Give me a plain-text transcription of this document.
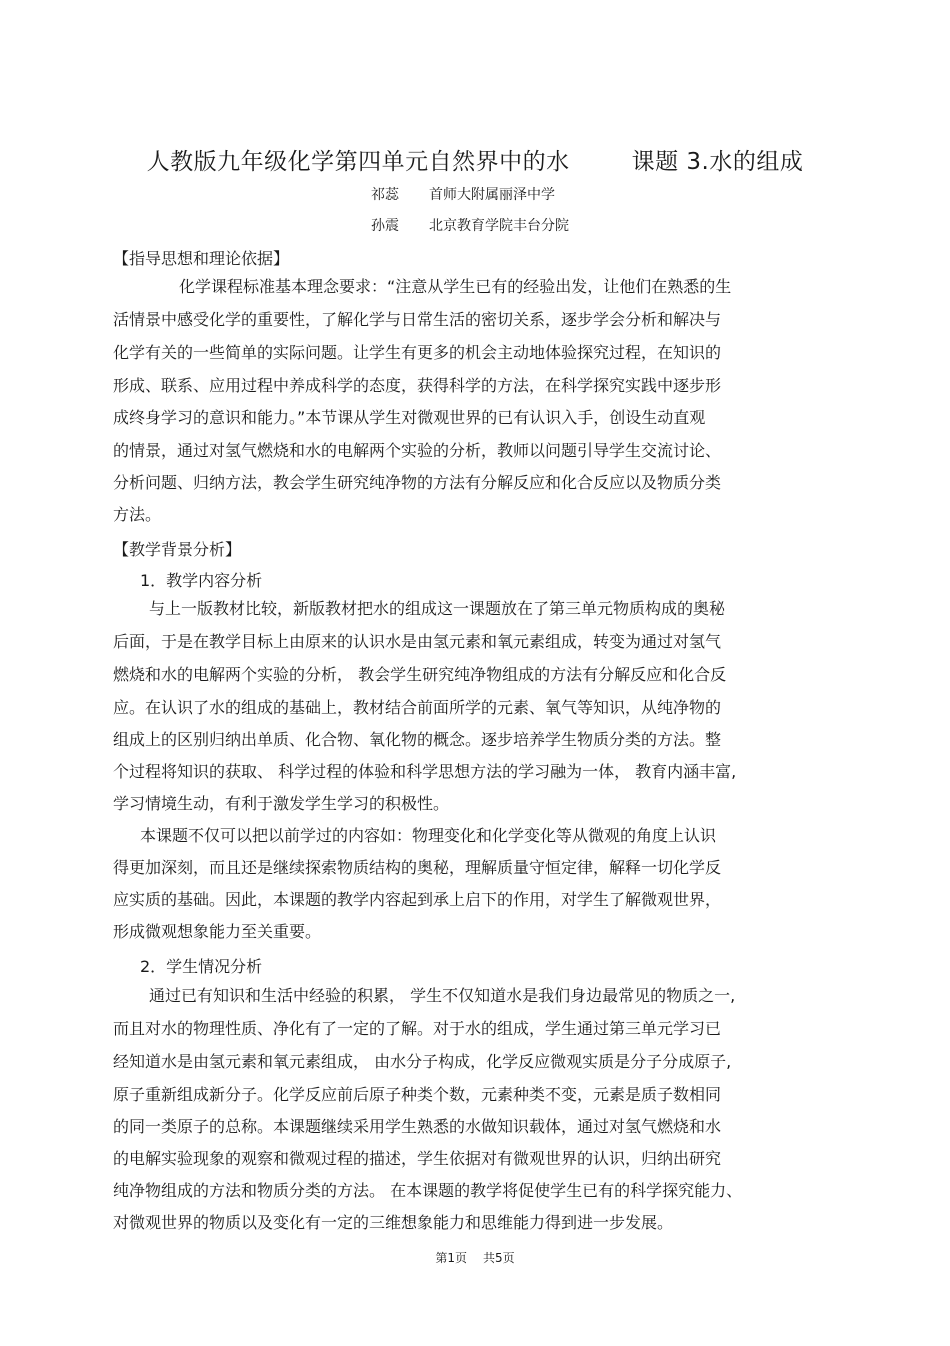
人教版九年级化学第四单元自然界中的水	课题 3.水的组成
祁蕊 首师大附属丽泽中学
孙震 北京教育学院丰台分院
【指导思想和理论依据】
化学课程标准基本理念要求：“注意从学生已有的经验出发，让他们在熟悉的生
活情景中感受化学的重要性，了解化学与日常生活的密切关系，逐步学会分析和解决与
化学有关的一些简单的实际问题。让学生有更多的机会主动地体验探究过程，在知识的
形成、联系、应用过程中养成科学的态度，获得科学的方法，在科学探究实践中逐步形
成终身学习的意识和能力。”本节课从学生对微观世界的已有认识入手，创设生动直观
的情景，通过对氢气燃烧和水的电解两个实验的分析，教师以问题引导学生交流讨论、
分析问题、归纳方法，教会学生研究纯净物的方法有分解反应和化合反应以及物质分类
方法。
【教学背景分析】
1．教学内容分析
与上一版教材比较，新版教材把水的组成这一课题放在了第三单元物质构成的奥秘
后面，于是在教学目标上由原来的认识水是由氢元素和氧元素组成，转变为通过对氢气
燃烧和水的电解两个实验的分析， 教会学生研究纯净物组成的方法有分解反应和化合反
应。在认识了水的组成的基础上，教材结合前面所学的元素、氧气等知识，从纯净物的
组成上的区别归纳出单质、化合物、氧化物的概念。逐步培养学生物质分类的方法。整
个过程将知识的获取、 科学过程的体验和科学思想方法的学习融为一体， 教育内涵丰富,
学习情境生动，有利于激发学生学习的积极性。
本课题不仅可以把以前学过的内容如：物理变化和化学变化等从微观的角度上认识
得更加深刻，而且还是继续探索物质结构的奥秘，理解质量守恒定律，解释一切化学反
应实质的基础。因此，本课题的教学内容起到承上启下的作用，对学生了解微观世界，
形成微观想象能力至关重要。
2．学生情况分析
通过已有知识和生活中经验的积累， 学生不仅知道水是我们身边最常见的物质之一,
而且对水的物理性质、净化有了一定的了解。对于水的组成，学生通过第三单元学习已
经知道水是由氢元素和氧元素组成， 由水分子构成，化学反应微观实质是分子分成原子,
原子重新组成新分子。化学反应前后原子种类个数，元素种类不变，元素是质子数相同
的同一类原子的总称。本课题继续采用学生熟悉的水做知识载体，通过对氢气燃烧和水
的电解实验现象的观察和微观过程的描述，学生依据对有微观世界的认识，归纳出研究
纯净物组成的方法和物质分类的方法。 在本课题的教学将促使学生已有的科学探究能力、
对微观世界的物质以及变化有一定的三维想象能力和思维能力得到进一步发展。
第1页 共5页
